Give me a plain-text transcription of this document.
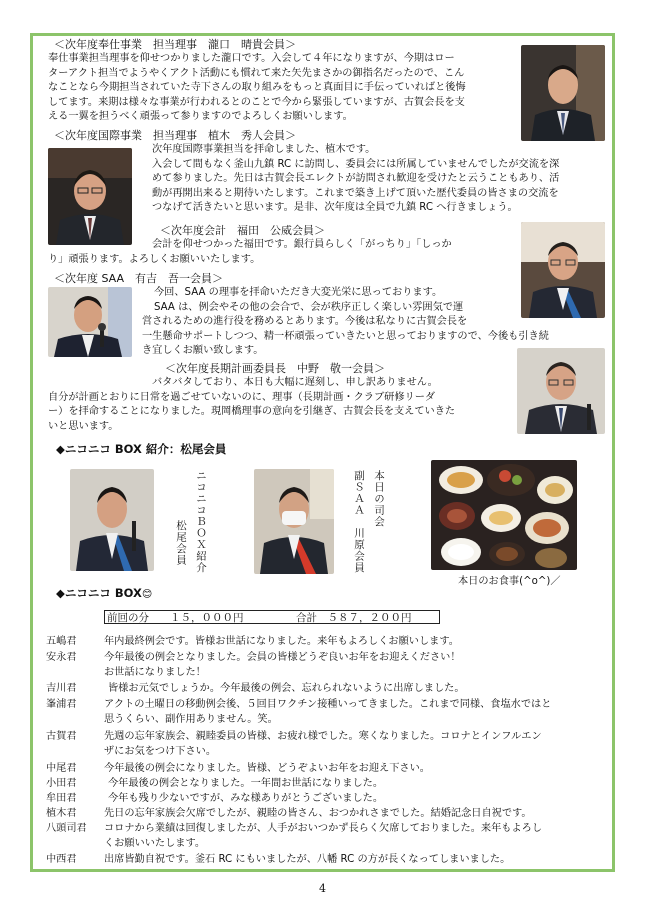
＜次年度奉仕事業　担当理事　瀧口　晴貴会員＞
奉仕事業担当理事を仰せつかりました瀧口です。入会して４年になりますが、今期はロー
ターアクト担当でようやくアクト活動にも慣れて来た矢先まさかの御指名だったので、こん
なことなら今期担当されていた寺下さんの取り組みをもっと真面目に手伝っていればと後悔
してます。来期は様々な事業が行われるとのことで今から緊張していますが、古賀会長を支
える一翼を担うべく頑張って参りますのでよろしくお願いします。
＜次年度国際事業　担当理事　植木　秀人会員＞
次年度国際事業担当を拝命しました、植木です。
入会して間もなく釜山九鎮 RC に訪問し、委員会には所属していませんでしたが交流を深
めて参りました。先日は古賀会長エレクトが訪問され歓迎を受けたと云うこともあり、活
動が再開出来ると期待いたします。これまで築き上げて頂いた歴代委員の皆さまの交流を
つなげて活きたいと思います。是非、次年度は全員で九鎮 RC へ行きましょう。
＜次年度会計　福田　公威会員＞
会計を仰せつかった福田です。銀行員らしく「がっちり」「しっか
り」頑張ります。よろしくお願いいたします。
＜次年度 SAA　有吉　吾一会員＞
今回、SAA の理事を拝命いただき大変光栄に思っております。
SAA は、例会やその他の会合で、会が秩序正しく楽しい雰囲気で運
営されるための進行役を務めるとあります。今後は私なりに古賀会長を
一生懸命サポートしつつ、精一杯頑張っていきたいと思っておりますので、今後も引き続
き宜しくお願い致します。
＜次年度長期計画委員長　中野　敬一会員＞
バタバタしており、本日も大幅に遅刻し、申し訳ありません。
自分が計画とおりに日常を過ごせていないのに、理事（長期計画・クラブ研修リーダ
ー）を拝命することになりました。現岡橋理事の意向を引継ぎ、古賀会長を支えていきた
いと思います。
◆ニコニコ BOX 紹介：松尾会員
ニコニコＢＯＸ紹介
松尾会員
本日の司会
副ＳＡＡ　川原会員
本日のお食事(^o^)／
◆ニコニコ BOX😊
前回の分　　１５，０００円　　　　　合計　５８７，２００円
五嶋君	年内最終例会です。皆様お世話になりました。来年もよろしくお願いします。
安永君	今年最後の例会となりました。会員の皆様どうぞ良いお年をお迎えください！
お世話になりました！
吉川君	皆様お元気でしょうか。今年最後の例会、忘れられないように出席しました。
峯浦君	アクトの土曜日の移動例会後、５回目ワクチン接種いってきました。これまで同様、食塩水ではと
思うくらい、副作用ありません。笑。
古賀君	先週の忘年家族会、親睦委員の皆様、お疲れ様でした。寒くなりました。コロナとインフルエン
ザにお気をつけ下さい。
中尾君	今年最後の例会になりました。皆様、どうぞよいお年をお迎え下さい。
小田君	今年最後の例会となりました。一年間お世話になりました。
牟田君	今年も残り少ないですが、みな様ありがとうございました。
植木君	先日の忘年家族会欠席でしたが、親睦の皆さん、おつかれさまでした。結婚記念日自祝です。
八頭司君 コロナから業績は回復しましたが、人手がおいつかず長らく欠席しておりました。来年もよろし
くお願いいたします。
中西君	出席皆勤自祝です。釜石 RC にもいましたが、八幡 RC の方が長くなってしまいました。
4
